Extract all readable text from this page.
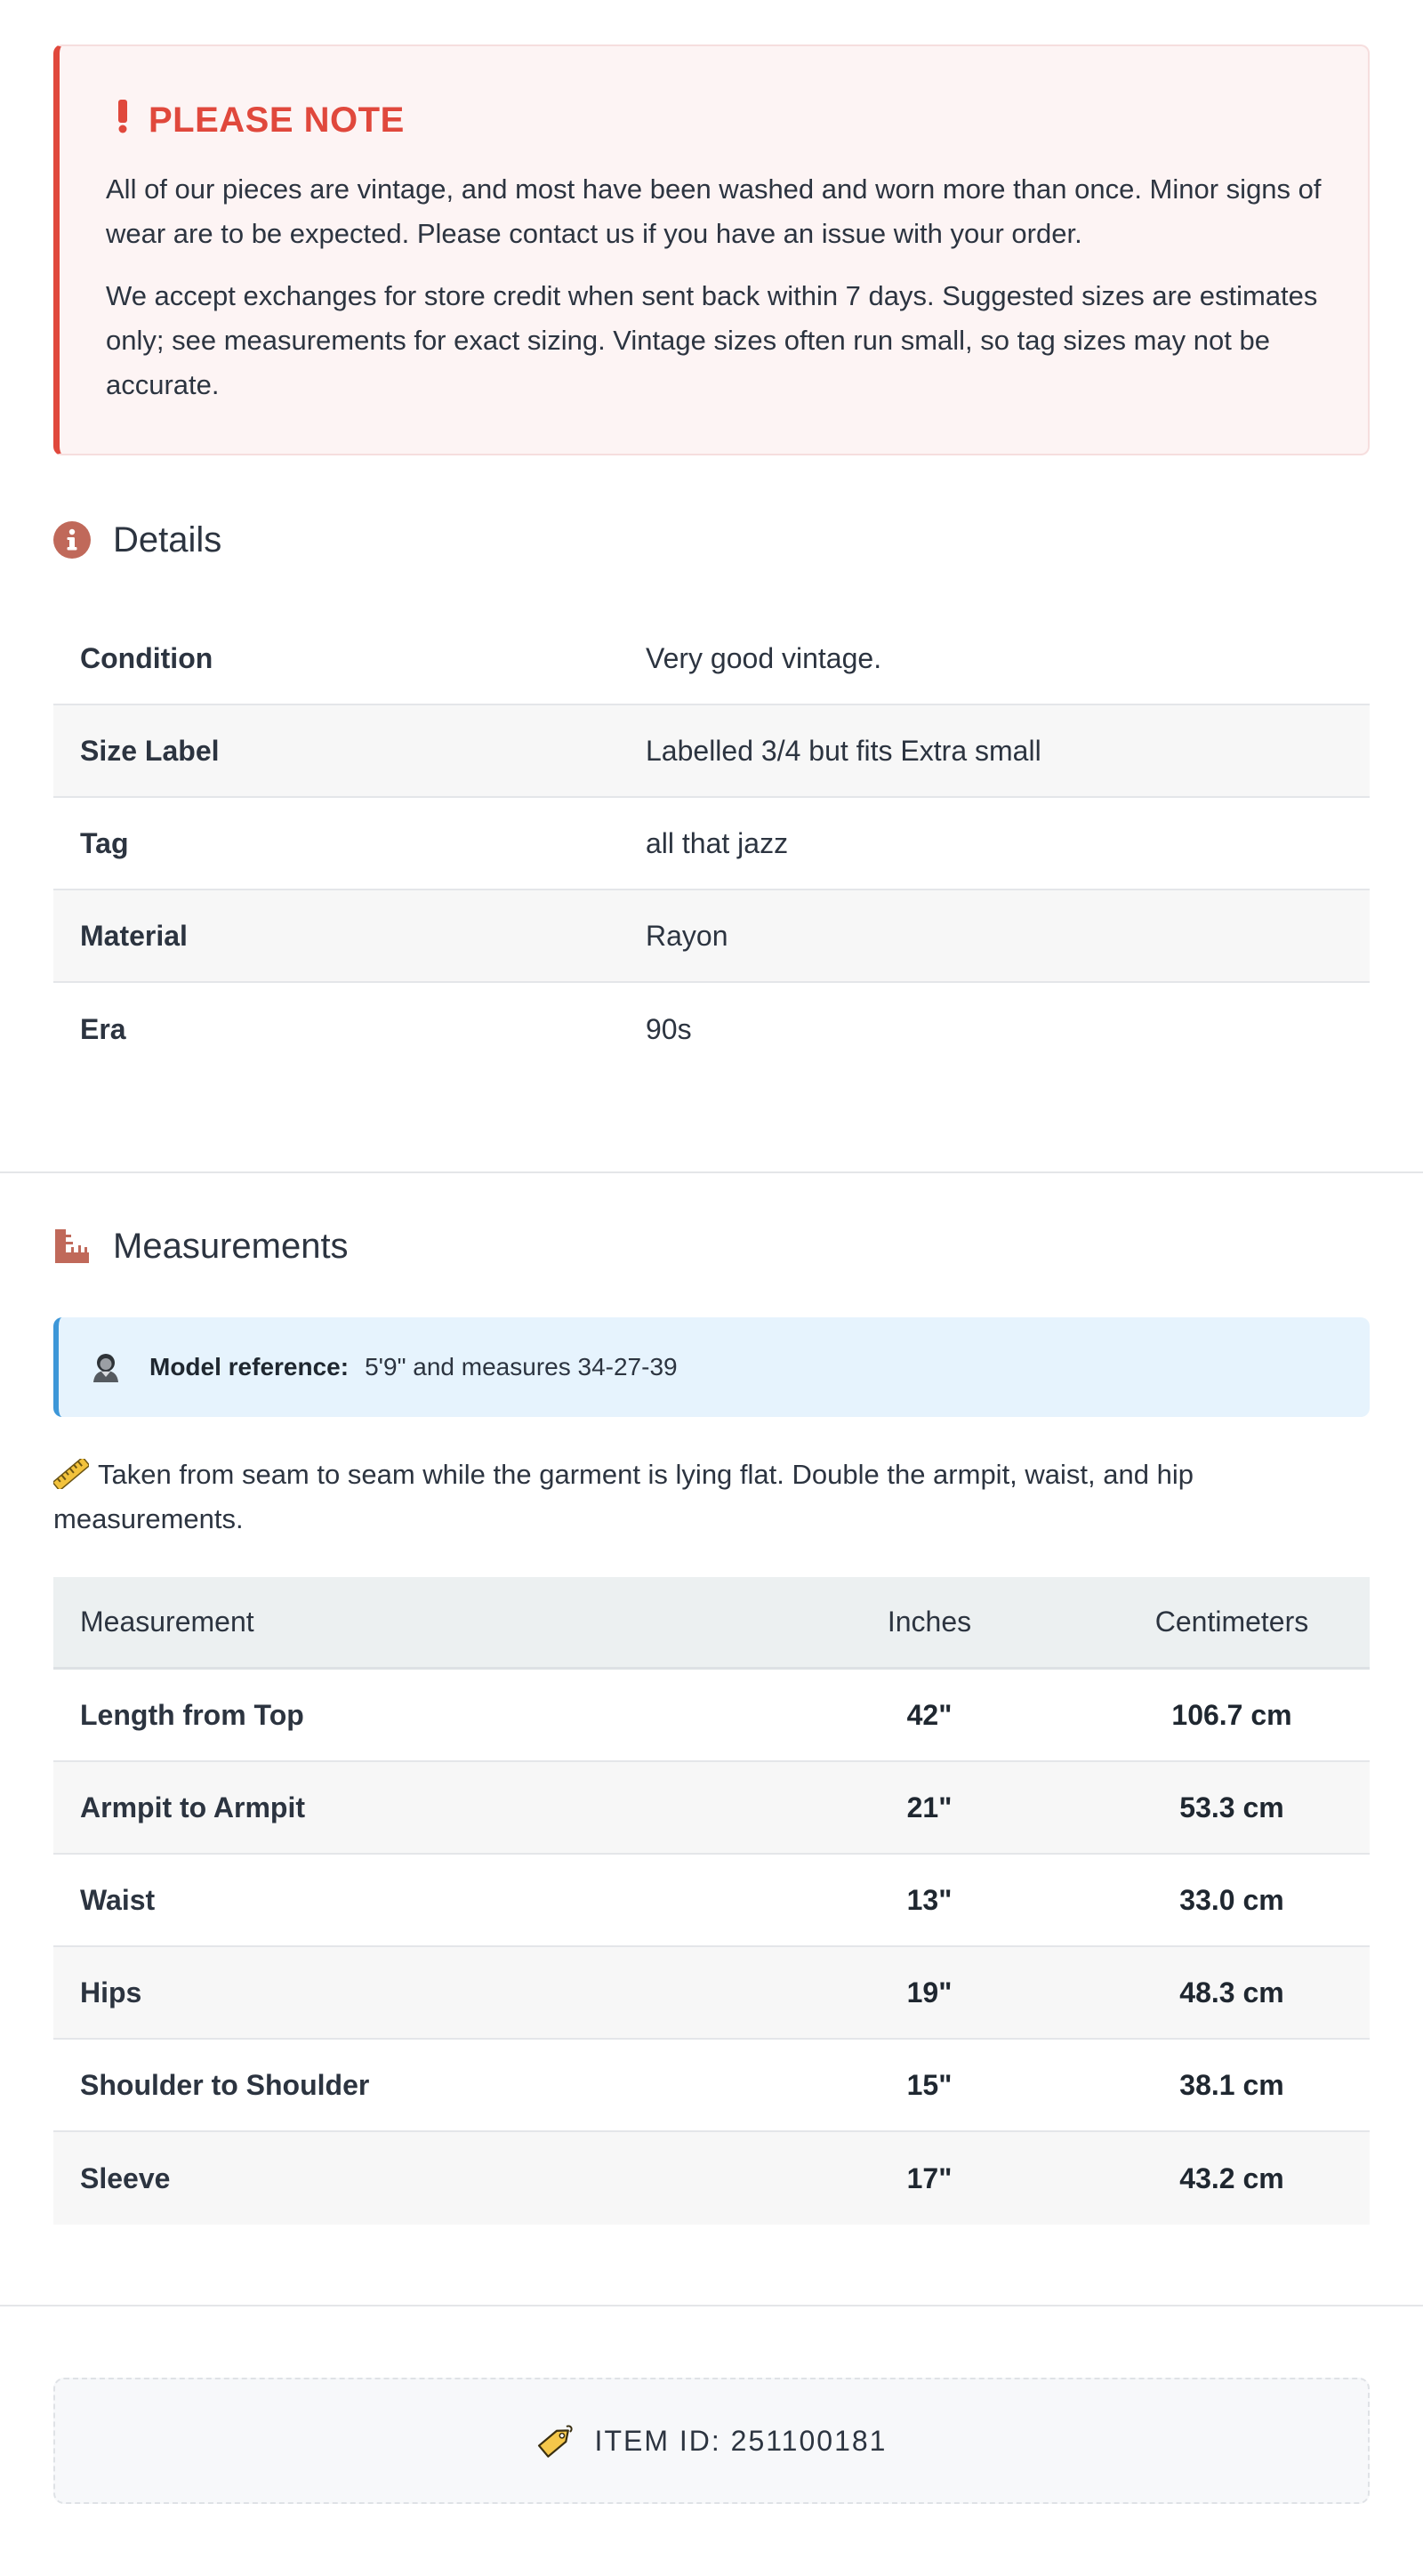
PLEASE NOTE

All of our pieces are vintage, and most have been washed and worn more than once. Minor signs of wear are to be expected. Please contact us if you have an issue with your order.

We accept exchanges for store credit when sent back within 7 days. Suggested sizes are estimates only; see measurements for exact sizing. Vintage sizes often run small, so tag sizes may not be accurate.

Details
Condition	Very good vintage.
Size Label	Labelled 3/4 but fits Extra small
Tag	all that jazz
Material	Rayon
Era	90s
Measurements
Model reference: 5'9" and measures 34-27-39
Taken from seam to seam while the garment is lying flat. Double the armpit, waist, and hip measurements.
Measurement	Inches	Centimeters
Length from Top	42"	106.7 cm
Armpit to Armpit	21"	53.3 cm
Waist	13"	33.0 cm
Hips	19"	48.3 cm
Shoulder to Shoulder	15"	38.1 cm
Sleeve	17"	43.2 cm
ITEM ID: 251100181
